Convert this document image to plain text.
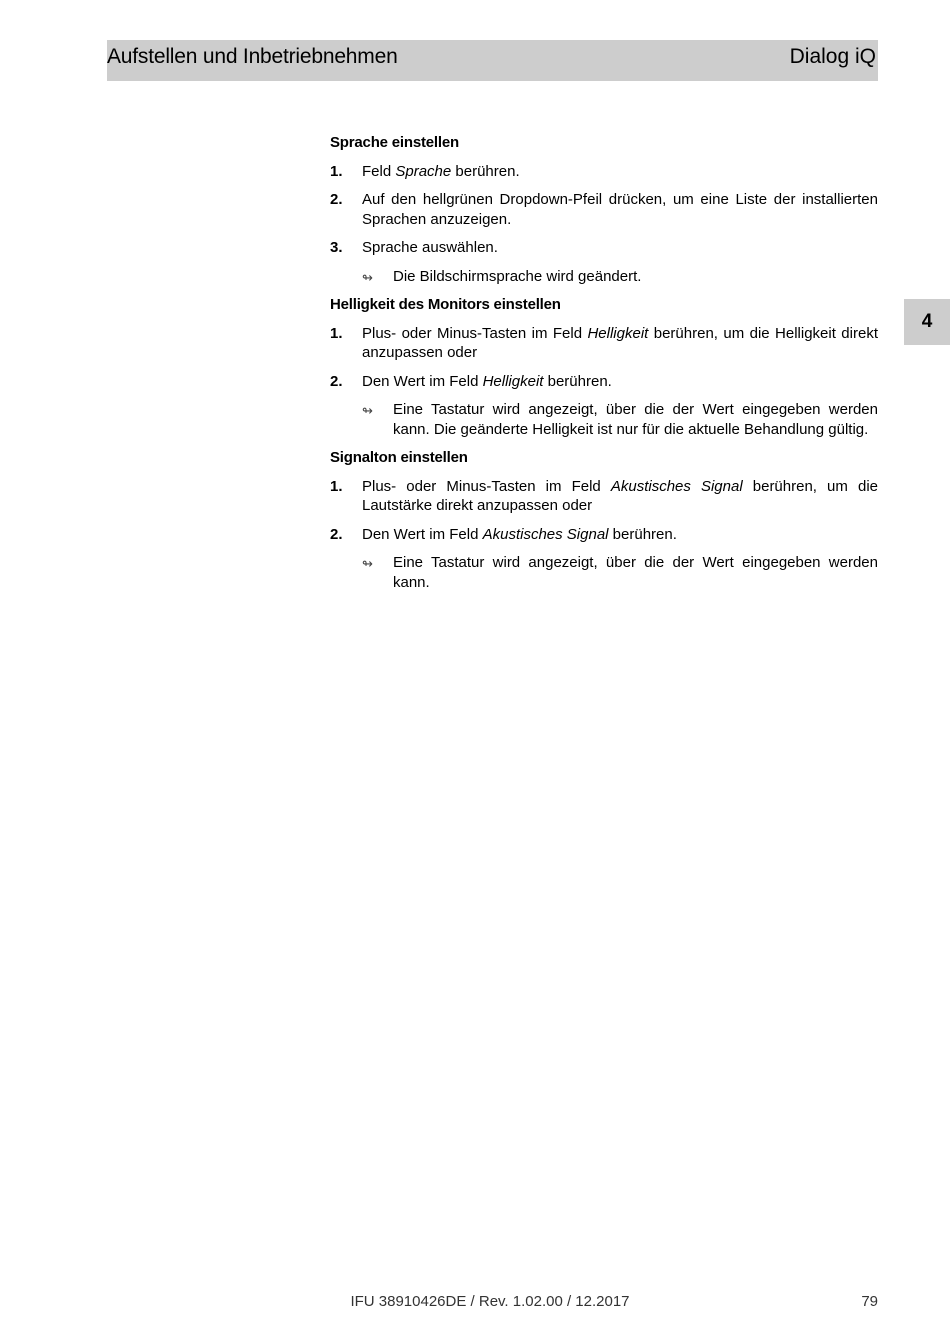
Aufstellen und Inbetriebnehmen	Dialog iQ
4
Sprache einstellen
1. Feld Sprache berühren.
2. Auf den hellgrünen Dropdown-Pfeil drücken, um eine Liste der installierten Sprachen anzuzeigen.
3. Sprache auswählen.
↬ Die Bildschirmsprache wird geändert.
Helligkeit des Monitors einstellen
1. Plus- oder Minus-Tasten im Feld Helligkeit berühren, um die Helligkeit direkt anzupassen oder
2. Den Wert im Feld Helligkeit berühren.
↬ Eine Tastatur wird angezeigt, über die der Wert eingegeben werden kann. Die geänderte Helligkeit ist nur für die aktuelle Behandlung gültig.
Signalton einstellen
1. Plus- oder Minus-Tasten im Feld Akustisches Signal berühren, um die Lautstärke direkt anzupassen oder
2. Den Wert im Feld Akustisches Signal berühren.
↬ Eine Tastatur wird angezeigt, über die der Wert eingegeben werden kann.
IFU 38910426DE / Rev. 1.02.00 / 12.2017	79
